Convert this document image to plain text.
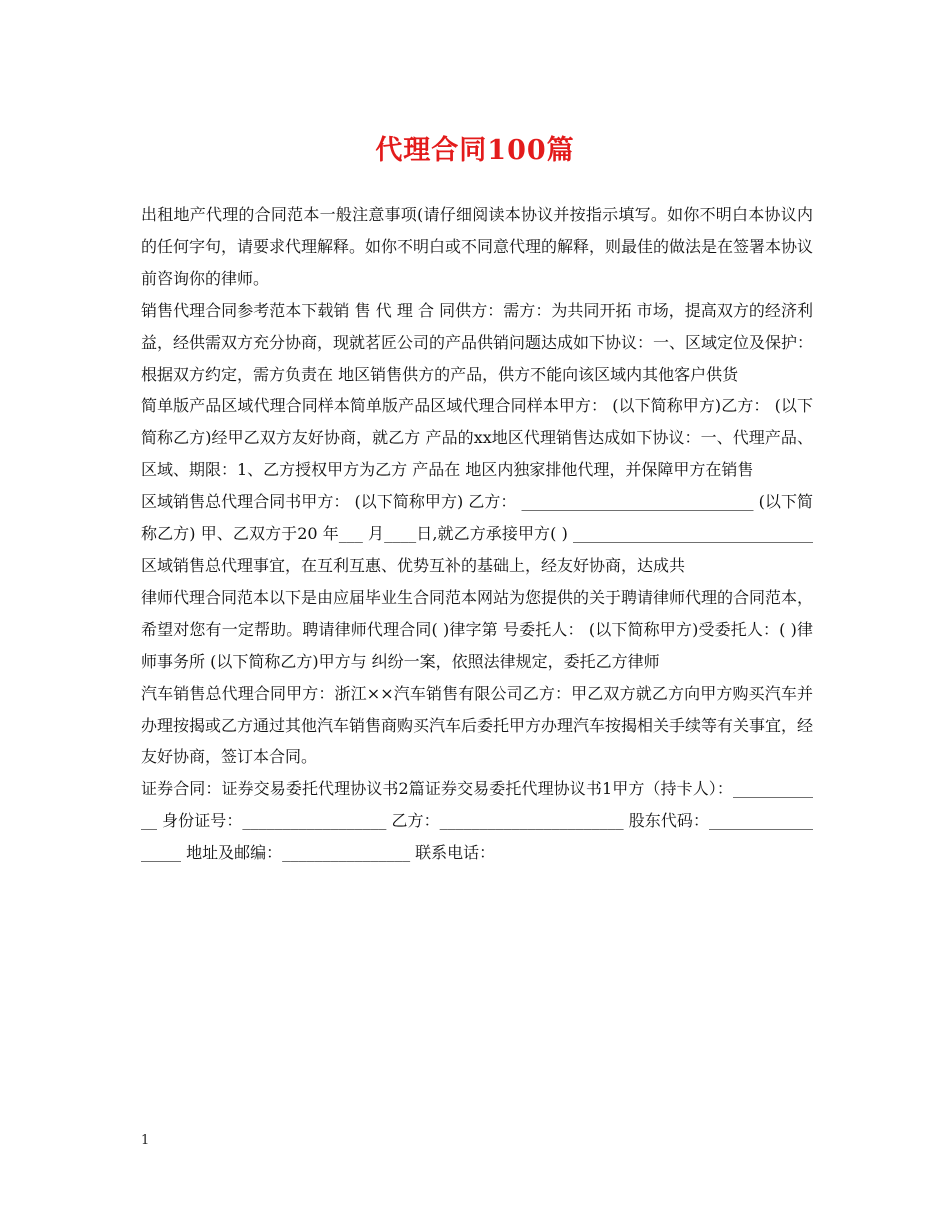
代理合同100篇

出租地产代理的合同范本一般注意事项(请仔细阅读本协议并按指示填写。如你不明白本协议内的任何字句，请要求代理解释。如你不明白或不同意代理的解释，则最佳的做法是在签署本协议前咨询你的律师。

销售代理合同参考范本下载销 售 代 理 合 同供方：需方：为共同开拓 市场，提高双方的经济利益，经供需双方充分协商，现就茗匠公司的产品供销问题达成如下协议：一、区域定位及保护：根据双方约定，需方负责在 地区销售供方的产品，供方不能向该区域内其他客户供货

简单版产品区域代理合同样本简单版产品区域代理合同样本甲方： (以下简称甲方)乙方： (以下简称乙方)经甲乙双方友好协商，就乙方 产品的xx地区代理销售达成如下协议：一、代理产品、区域、期限：1、乙方授权甲方为乙方 产品在 地区内独家排他代理，并保障甲方在销售

区域销售总代理合同书甲方： (以下简称甲方) 乙方： _____________________________ (以下简称乙方) 甲、乙双方于20 年___ 月____日,就乙方承接甲方( ) ______________________________区域销售总代理事宜，在互利互惠、优势互补的基础上，经友好协商，达成共

律师代理合同范本以下是由应届毕业生合同范本网站为您提供的关于聘请律师代理的合同范本，希望对您有一定帮助。聘请律师代理合同( )律字第 号委托人： (以下简称甲方)受委托人：( )律师事务所 (以下简称乙方)甲方与 纠纷一案，依照法律规定，委托乙方律师

汽车销售总代理合同甲方：浙江××汽车销售有限公司乙方：甲乙双方就乙方向甲方购买汽车并办理按揭或乙方通过其他汽车销售商购买汽车后委托甲方办理汽车按揭相关手续等有关事宜，经友好协商，签订本合同。

证券合同：证券交易委托代理协议书2篇证券交易委托代理协议书1甲方（持卡人）：____________ 身份证号：__________________ 乙方：_______________________ 股东代码：__________________ 地址及邮编：________________ 联系电话：

1
